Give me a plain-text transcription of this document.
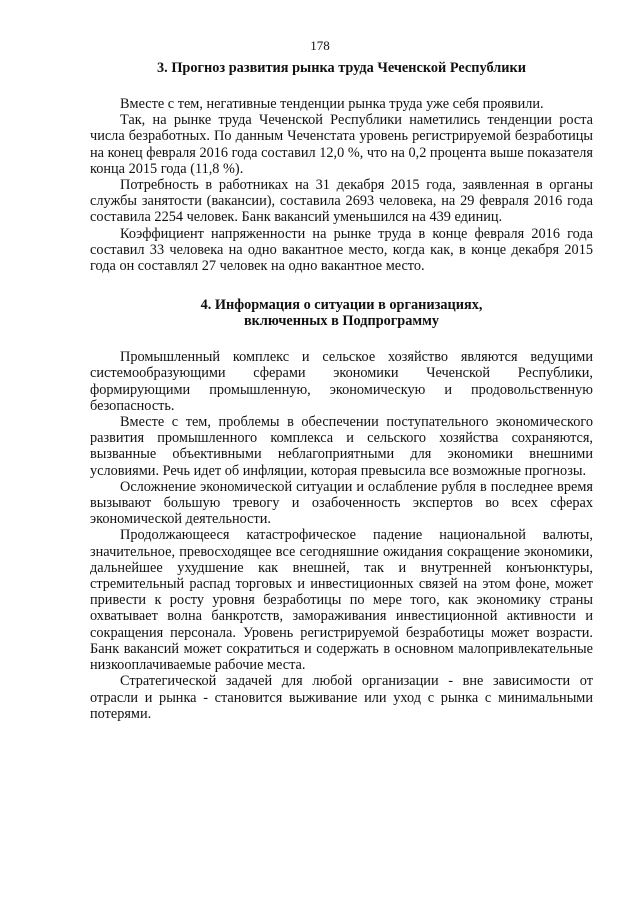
178
3. Прогноз развития рынка труда Чеченской Республики

Вместе с тем, негативные тенденции рынка труда уже себя проявили.

Так, на рынке труда Чеченской Республики наметились тенденции роста числа безработных. По данным Чеченстата уровень регистрируемой безработицы на конец февраля 2016 года составил 12,0 %, что на 0,2 процента выше показателя конца 2015 года (11,8 %).

Потребность в работниках на 31 декабря 2015 года, заявленная в органы службы занятости (вакансии), составила 2693 человека, на 29 февраля 2016 года составила 2254 человек. Банк вакансий уменьшился на 439 единиц.

Коэффициент напряженности на рынке труда в конце февраля 2016 года составил 33 человека на одно вакантное место, когда как, в конце декабря 2015 года он составлял 27 человек на одно вакантное место.

4. Информация о ситуации в организациях,
включенных в Подпрограмму

Промышленный комплекс и сельское хозяйство являются ведущими системообразующими сферами экономики Чеченской Республики, формирующими промышленную, экономическую и продовольственную безопасность.

Вместе с тем, проблемы в обеспечении поступательного экономического развития промышленного комплекса и сельского хозяйства сохраняются, вызванные объективными неблагоприятными для экономики внешними условиями. Речь идет об инфляции, которая превысила все возможные прогнозы.

Осложнение экономической ситуации и ослабление рубля в последнее время вызывают большую тревогу и озабоченность экспертов во всех сферах экономической деятельности.

Продолжающееся катастрофическое падение национальной валюты, значительное, превосходящее все сегодняшние ожидания сокращение экономики, дальнейшее ухудшение как внешней, так и внутренней конъюнктуры, стремительный распад торговых и инвестиционных связей на этом фоне, может привести к росту уровня безработицы по мере того, как экономику страны охватывает волна банкротств, замораживания инвестиционной активности и сокращения персонала. Уровень регистрируемой безработицы может возрасти. Банк вакансий может сократиться и содержать в основном малопривлекательные низкооплачиваемые рабочие места.

Стратегической задачей для любой организации - вне зависимости от отрасли и рынка - становится выживание или уход с рынка с минимальными потерями.
